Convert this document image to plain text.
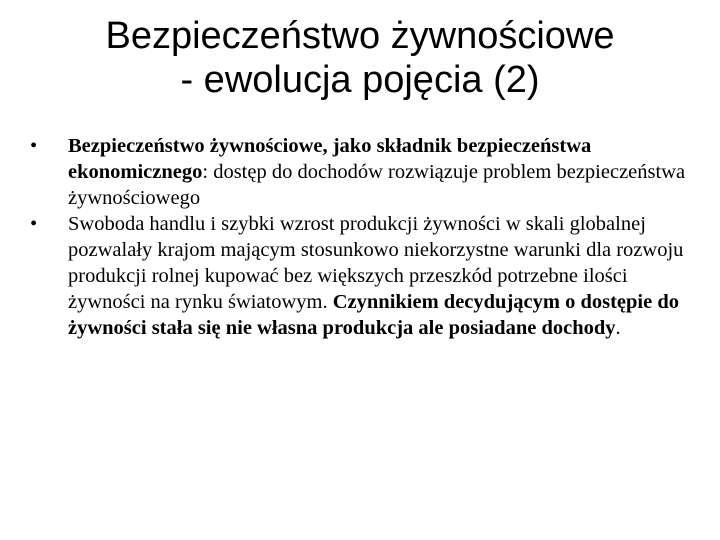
Bezpieczeństwo żywnościowe
- ewolucja pojęcia (2)

• Bezpieczeństwo żywnościowe, jako składnik bezpieczeństwa ekonomicznego: dostęp do dochodów rozwiązuje problem bezpieczeństwa żywnościowego

• Swoboda handlu i szybki wzrost produkcji żywności w skali globalnej pozwalały krajom mającym stosunkowo niekorzystne warunki dla rozwoju produkcji rolnej kupować bez większych przeszkód potrzebne ilości żywności na rynku światowym. Czynnikiem decydującym o dostępie do żywności stała się nie własna produkcja ale posiadane dochody.
